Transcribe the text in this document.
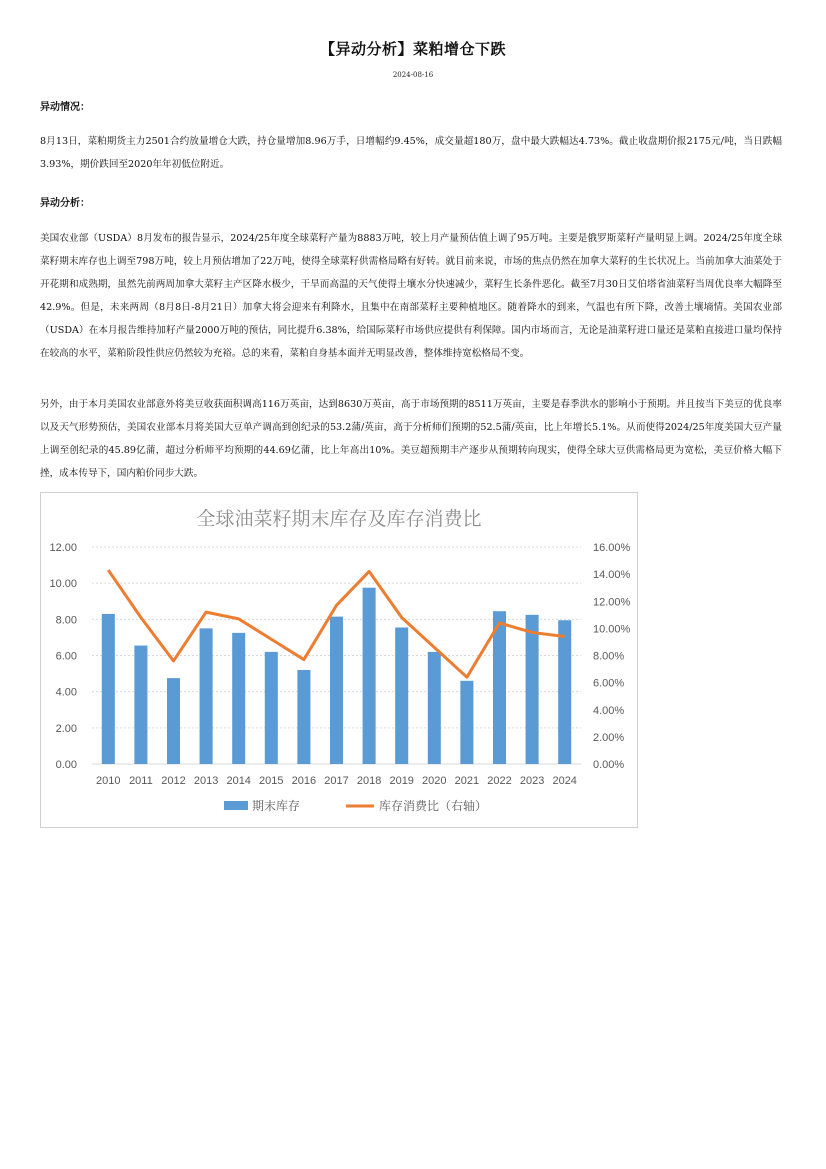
【异动分析】菜粕增仓下跌
2024-08-16
异动情况：

8月13日，菜粕期货主力2501合约放量增仓大跌，持仓量增加8.96万手，日增幅约9.45%，成交量超180万，盘中最大跌幅达4.73%。截止收盘期价报2175元/吨，当日跌幅3.93%，期价跌回至2020年年初低位附近。

异动分析：

美国农业部（USDA）8月发布的报告显示，2024/25年度全球菜籽产量为8883万吨，较上月产量预估值上调了95万吨。主要是俄罗斯菜籽产量明显上调。2024/25年度全球菜籽期末库存也上调至798万吨，较上月预估增加了22万吨，使得全球菜籽供需格局略有好转。就目前来说，市场的焦点仍然在加拿大菜籽的生长状况上。当前加拿大油菜处于开花期和成熟期，虽然先前两周加拿大菜籽主产区降水极少，干旱而高温的天气使得土壤水分快速减少，菜籽生长条件恶化。截至7月30日艾伯塔省油菜籽当周优良率大幅降至42.9%。但是，未来两周（8月8日-8月21日）加拿大将会迎来有利降水，且集中在南部菜籽主要种植地区。随着降水的到来，气温也有所下降，改善土壤墒情。美国农业部（USDA）在本月报告维持加籽产量2000万吨的预估，同比提升6.38%，给国际菜籽市场供应提供有利保障。国内市场而言，无论是油菜籽进口量还是菜粕直接进口量均保持在较高的水平，菜粕阶段性供应仍然较为充裕。总的来看，菜粕自身基本面并无明显改善，整体维持宽松格局不变。

另外，由于本月美国农业部意外将美豆收获面积调高116万英亩，达到8630万英亩，高于市场预期的8511万英亩，主要是春季洪水的影响小于预期。并且按当下美豆的优良率以及天气形势预估，美国农业部本月将美国大豆单产调高到创纪录的53.2蒲/英亩，高于分析师们预期的52.5蒲/英亩，比上年增长5.1%。从而使得2024/25年度美国大豆产量上调至创纪录的45.89亿蒲，超过分析师平均预期的44.69亿蒲，比上年高出10%。美豆超预期丰产逐步从预期转向现实，使得全球大豆供需格局更为宽松，美豆价格大幅下挫，成本传导下，国内粕价同步大跌。

全球油菜籽期末库存及库存消费比
0.00
2.00
4.00
6.00
8.00
10.00
12.00
0.00%
2.00%
4.00%
6.00%
8.00%
10.00%
12.00%
14.00%
16.00%
2010 2011 2012 2013 2014 2015 2016 2017 2018 2019 2020 2021 2022 2023 2024
期末库存	库存消费比（右轴）
